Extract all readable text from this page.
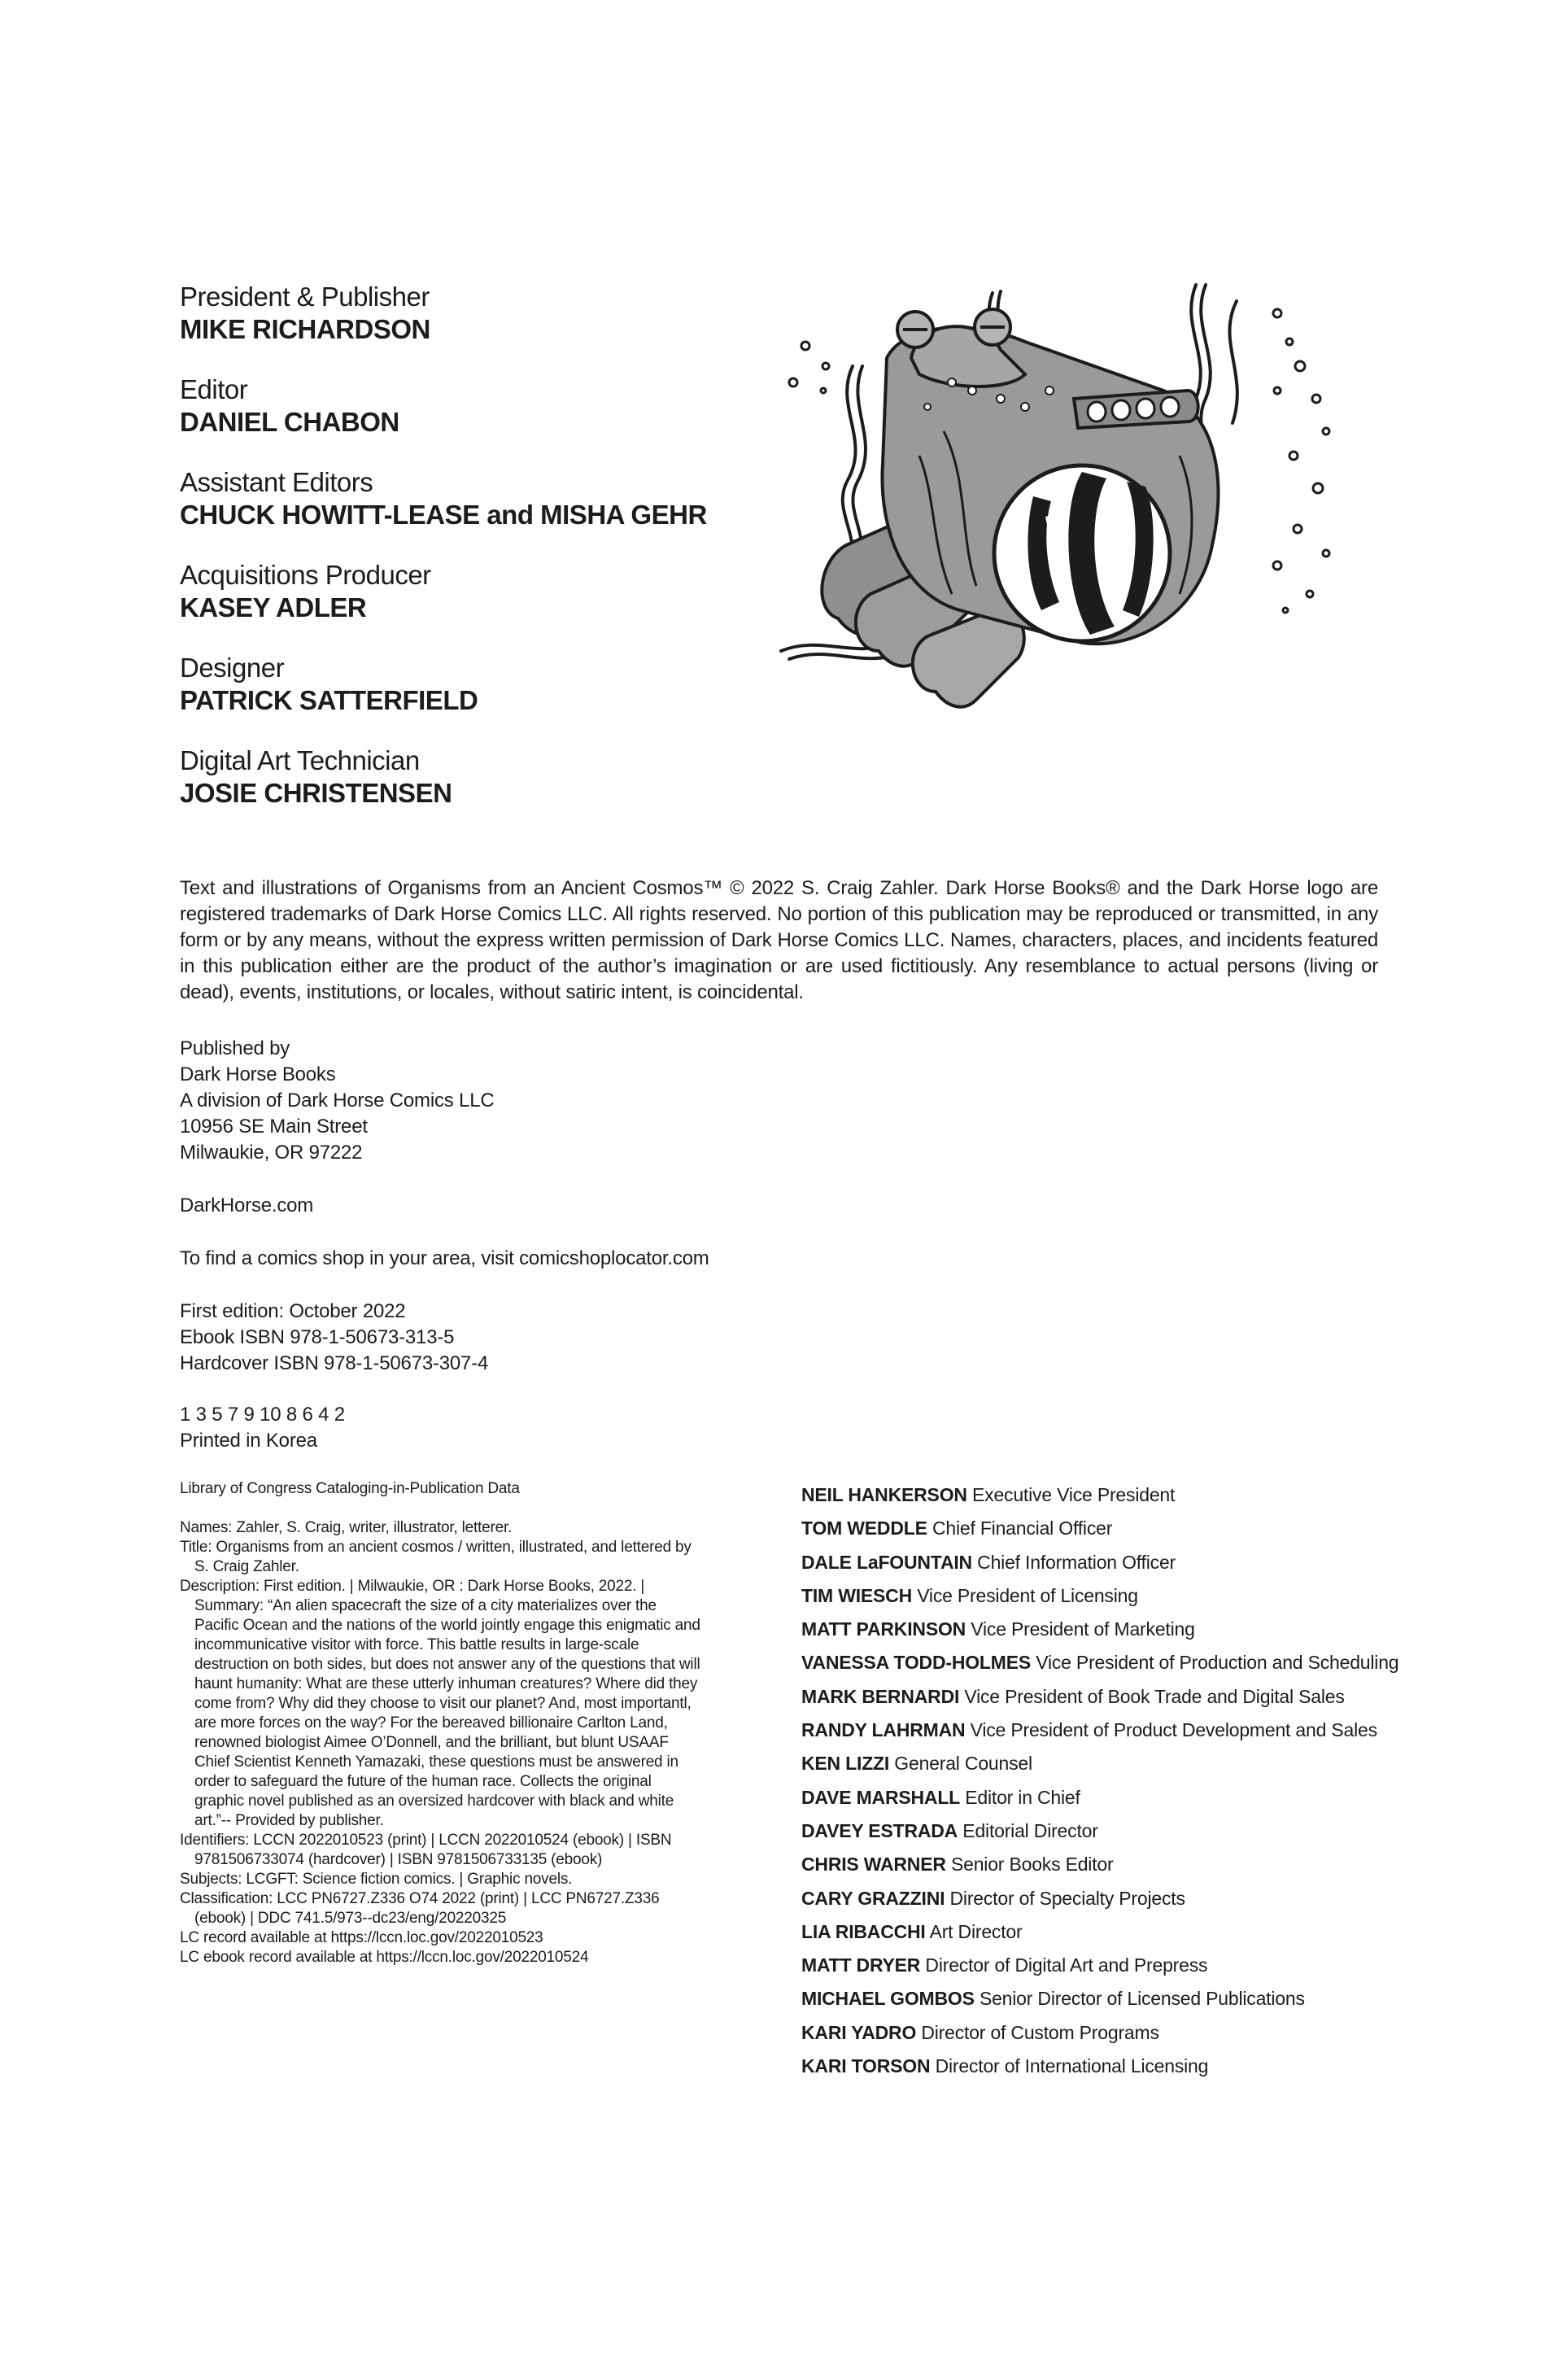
President & Publisher
MIKE RICHARDSON
Editor
DANIEL CHABON
Assistant Editors
CHUCK HOWITT-LEASE and MISHA GEHR
Acquisitions Producer
KASEY ADLER
Designer
PATRICK SATTERFIELD
Digital Art Technician
JOSIE CHRISTENSEN
Text and illustrations of Organisms from an Ancient Cosmos™ © 2022 S. Craig Zahler. Dark Horse Books® and the Dark Horse logo are registered trademarks of Dark Horse Comics LLC. All rights reserved. No portion of this publication may be reproduced or transmitted, in any form or by any means, without the express written permission of Dark Horse Comics LLC. Names, characters, places, and incidents featured in this publication either are the product of the author’s imagination or are used fictitiously. Any resemblance to actual persons (living or dead), events, institutions, or locales, without satiric intent, is coincidental.
Published by
Dark Horse Books
A division of Dark Horse Comics LLC
10956 SE Main Street
Milwaukie, OR 97222
DarkHorse.com
To find a comics shop in your area, visit comicshoplocator.com
First edition: October 2022
Ebook ISBN 978-1-50673-313-5
Hardcover ISBN 978-1-50673-307-4
1 3 5 7 9 10 8 6 4 2
Printed in Korea
Library of Congress Cataloging-in-Publication Data
Names: Zahler, S. Craig, writer, illustrator, letterer.
Title: Organisms from an ancient cosmos / written, illustrated, and lettered by S. Craig Zahler.
Description: First edition. | Milwaukie, OR : Dark Horse Books, 2022. | Summary: “An alien spacecraft the size of a city materializes over the Pacific Ocean and the nations of the world jointly engage this enigmatic and incommunicative visitor with force. This battle results in large-scale destruction on both sides, but does not answer any of the questions that will haunt humanity: What are these utterly inhuman creatures? Where did they come from? Why did they choose to visit our planet? And, most importantl, are more forces on the way? For the bereaved billionaire Carlton Land, renowned biologist Aimee O’Donnell, and the brilliant, but blunt USAAF Chief Scientist Kenneth Yamazaki, these questions must be answered in order to safeguard the future of the human race. Collects the original graphic novel published as an oversized hardcover with black and white art.”-- Provided by publisher.
Identifiers: LCCN 2022010523 (print) | LCCN 2022010524 (ebook) | ISBN 9781506733074 (hardcover) | ISBN 9781506733135 (ebook)
Subjects: LCGFT: Science fiction comics. | Graphic novels.
Classification: LCC PN6727.Z336 O74 2022 (print) | LCC PN6727.Z336 (ebook) | DDC 741.5/973--dc23/eng/20220325
LC record available at https://lccn.loc.gov/2022010523
LC ebook record available at https://lccn.loc.gov/2022010524
NEIL HANKERSON Executive Vice President
TOM WEDDLE Chief Financial Officer
DALE LaFOUNTAIN Chief Information Officer
TIM WIESCH Vice President of Licensing
MATT PARKINSON Vice President of Marketing
VANESSA TODD-HOLMES Vice President of Production and Scheduling
MARK BERNARDI Vice President of Book Trade and Digital Sales
RANDY LAHRMAN Vice President of Product Development and Sales
KEN LIZZI General Counsel
DAVE MARSHALL Editor in Chief
DAVEY ESTRADA Editorial Director
CHRIS WARNER Senior Books Editor
CARY GRAZZINI Director of Specialty Projects
LIA RIBACCHI Art Director
MATT DRYER Director of Digital Art and Prepress
MICHAEL GOMBOS Senior Director of Licensed Publications
KARI YADRO Director of Custom Programs
KARI TORSON Director of International Licensing
